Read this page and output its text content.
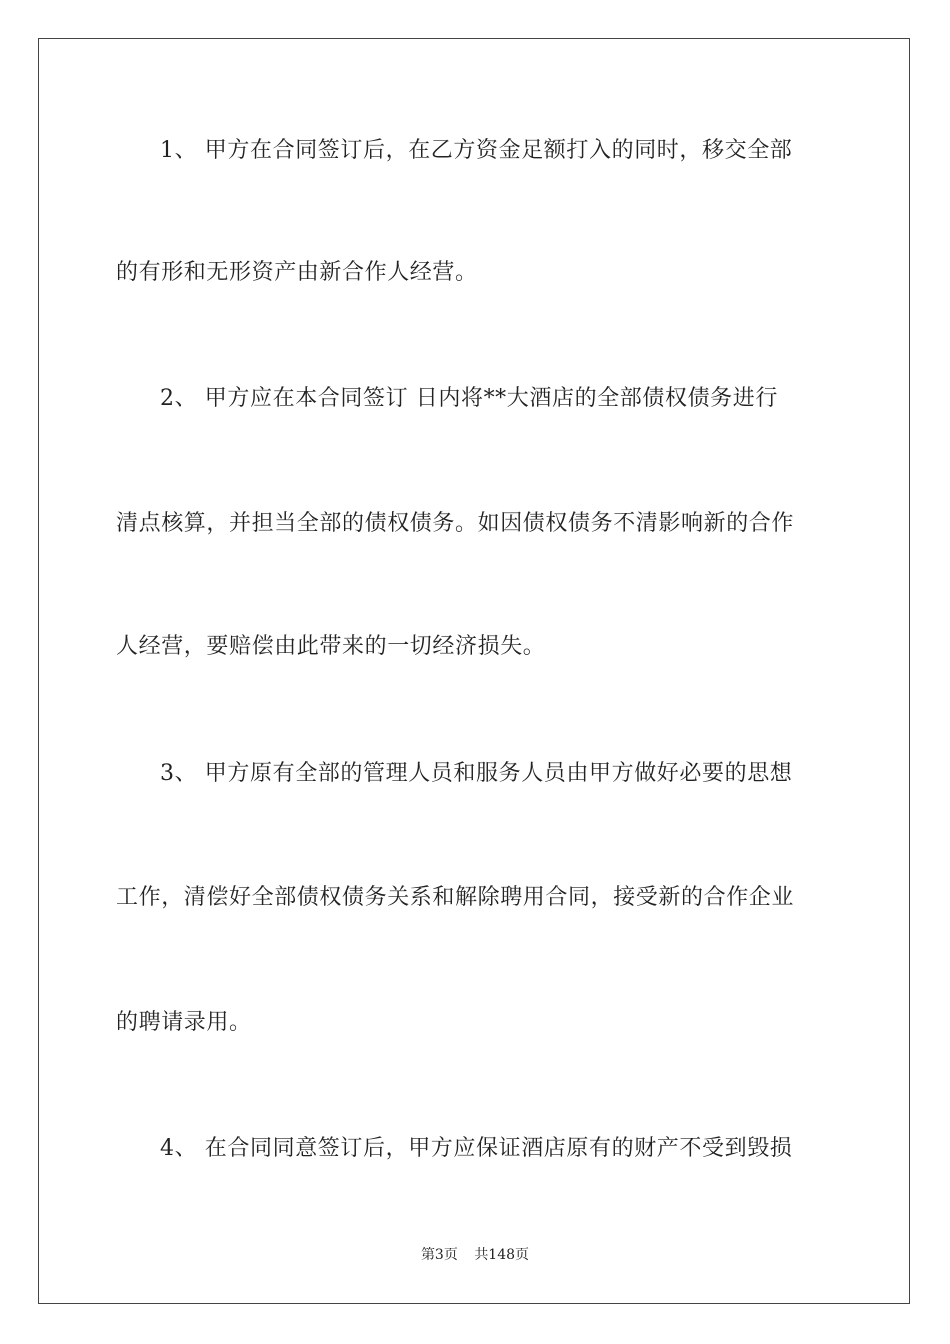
1、 甲方在合同签订后，在乙方资金足额打入的同时，移交全部
的有形和无形资产由新合作人经营。
2、 甲方应在本合同签订 日内将**大酒店的全部债权债务进行
清点核算，并担当全部的债权债务。如因债权债务不清影响新的合作
人经营，要赔偿由此带来的一切经济损失。
3、 甲方原有全部的管理人员和服务人员由甲方做好必要的思想
工作，清偿好全部债权债务关系和解除聘用合同，接受新的合作企业
的聘请录用。
4、 在合同同意签订后，甲方应保证酒店原有的财产不受到毁损
第3页 共148页
